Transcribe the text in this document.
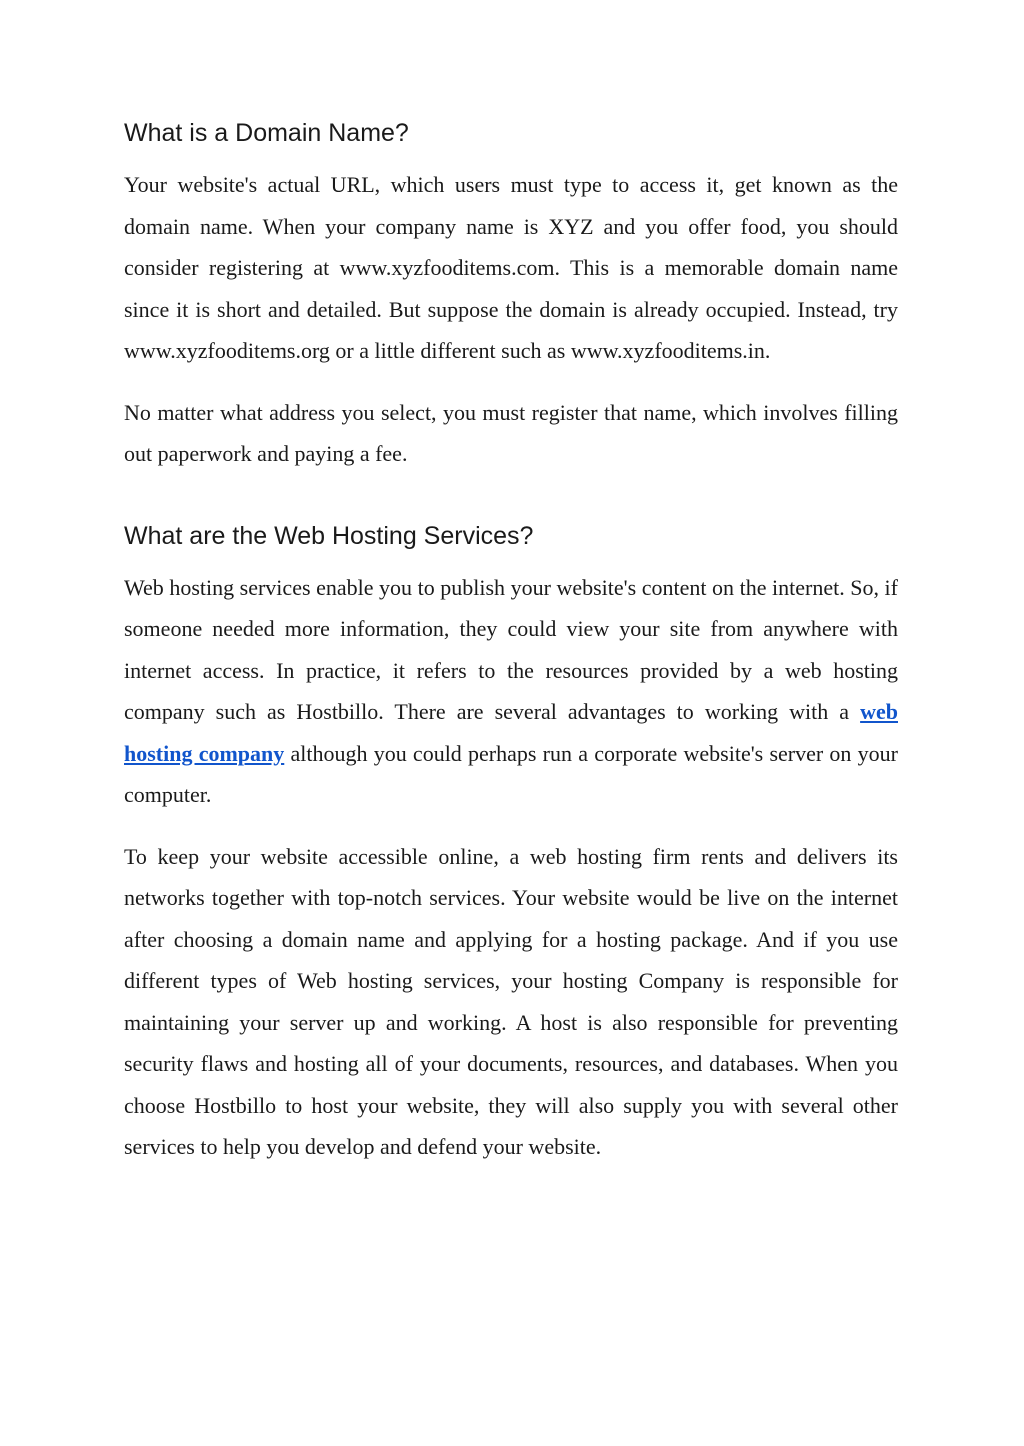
What is a Domain Name?

Your website's actual URL, which users must type to access it, get known as the domain name. When your company name is XYZ and you offer food, you should consider registering at www.xyzfooditems.com. This is a memorable domain name since it is short and detailed. But suppose the domain is already occupied. Instead, try www.xyzfooditems.org or a little different such as www.xyzfooditems.in.

No matter what address you select, you must register that name, which involves filling out paperwork and paying a fee.

What are the Web Hosting Services?

Web hosting services enable you to publish your website's content on the internet. So, if someone needed more information, they could view your site from anywhere with internet access. In practice, it refers to the resources provided by a web hosting company such as Hostbillo. There are several advantages to working with a web hosting company although you could perhaps run a corporate website's server on your computer.

To keep your website accessible online, a web hosting firm rents and delivers its networks together with top-notch services. Your website would be live on the internet after choosing a domain name and applying for a hosting package. And if you use different types of Web hosting services, your hosting Company is responsible for maintaining your server up and working. A host is also responsible for preventing security flaws and hosting all of your documents, resources, and databases. When you choose Hostbillo to host your website, they will also supply you with several other services to help you develop and defend your website.
